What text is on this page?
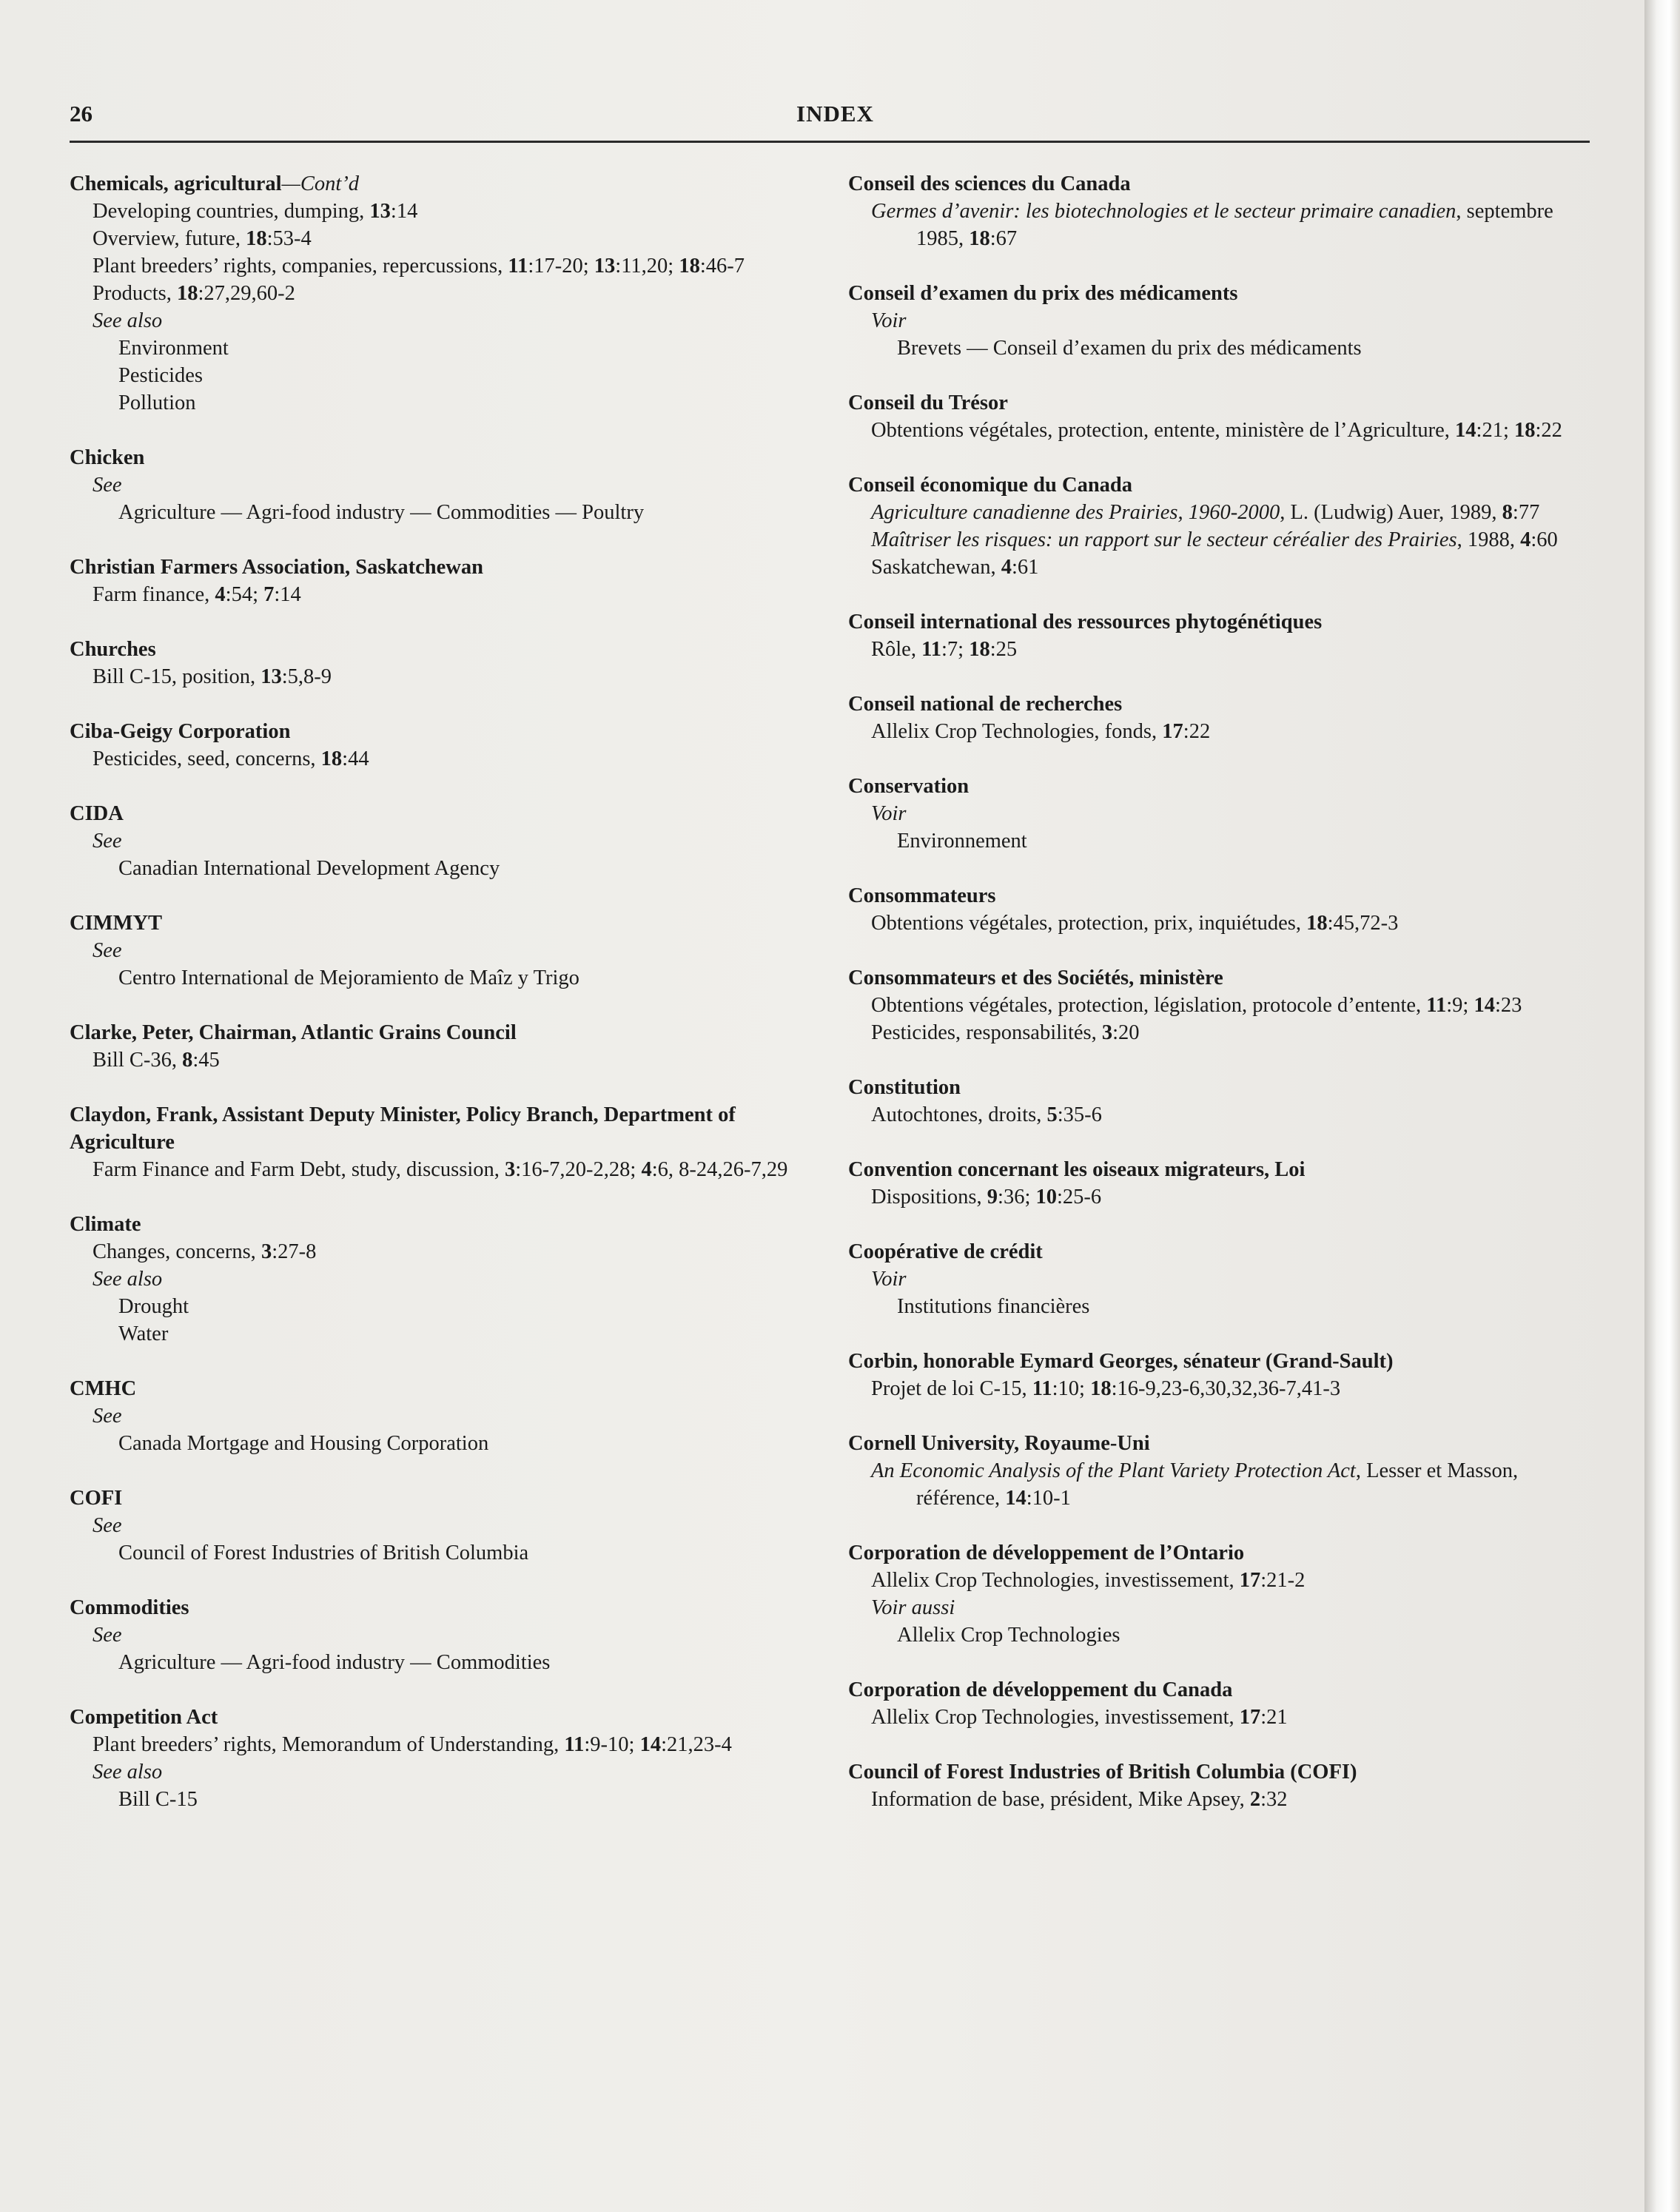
26	INDEX
Chemicals, agricultural—Cont’d
Developing countries, dumping, 13:14
Overview, future, 18:53-4
Plant breeders’ rights, companies, repercussions, 11:17-20; 13:11,20; 18:46-7
Products, 18:27,29,60-2
See also
Environment
Pesticides
Pollution
Chicken
See
Agriculture — Agri-food industry — Commodities — Poultry
Christian Farmers Association, Saskatchewan
Farm finance, 4:54; 7:14
Churches
Bill C-15, position, 13:5,8-9
Ciba-Geigy Corporation
Pesticides, seed, concerns, 18:44
CIDA
See
Canadian International Development Agency
CIMMYT
See
Centro International de Mejoramiento de Maîz y Trigo
Clarke, Peter, Chairman, Atlantic Grains Council
Bill C-36, 8:45
Claydon, Frank, Assistant Deputy Minister, Policy Branch, Department of Agriculture
Farm Finance and Farm Debt, study, discussion, 3:16-7,20-2,28; 4:6, 8-24,26-7,29
Climate
Changes, concerns, 3:27-8
See also
Drought
Water
CMHC
See
Canada Mortgage and Housing Corporation
COFI
See
Council of Forest Industries of British Columbia
Commodities
See
Agriculture — Agri-food industry — Commodities
Competition Act
Plant breeders’ rights, Memorandum of Understanding, 11:9-10; 14:21,23-4
See also
Bill C-15
Conseil des sciences du Canada
Germes d’avenir: les biotechnologies et le secteur primaire canadien, septembre 1985, 18:67
Conseil d’examen du prix des médicaments
Voir
Brevets — Conseil d’examen du prix des médicaments
Conseil du Trésor
Obtentions végétales, protection, entente, ministère de l’Agriculture, 14:21; 18:22
Conseil économique du Canada
Agriculture canadienne des Prairies, 1960-2000, L. (Ludwig) Auer, 1989, 8:77
Maîtriser les risques: un rapport sur le secteur céréalier des Prairies, 1988, 4:60
Saskatchewan, 4:61
Conseil international des ressources phytogénétiques
Rôle, 11:7; 18:25
Conseil national de recherches
Allelix Crop Technologies, fonds, 17:22
Conservation
Voir
Environnement
Consommateurs
Obtentions végétales, protection, prix, inquiétudes, 18:45,72-3
Consommateurs et des Sociétés, ministère
Obtentions végétales, protection, législation, protocole d’entente, 11:9; 14:23
Pesticides, responsabilités, 3:20
Constitution
Autochtones, droits, 5:35-6
Convention concernant les oiseaux migrateurs, Loi
Dispositions, 9:36; 10:25-6
Coopérative de crédit
Voir
Institutions financières
Corbin, honorable Eymard Georges, sénateur (Grand-Sault)
Projet de loi C-15, 11:10; 18:16-9,23-6,30,32,36-7,41-3
Cornell University, Royaume-Uni
An Economic Analysis of the Plant Variety Protection Act, Lesser et Masson, référence, 14:10-1
Corporation de développement de l’Ontario
Allelix Crop Technologies, investissement, 17:21-2
Voir aussi
Allelix Crop Technologies
Corporation de développement du Canada
Allelix Crop Technologies, investissement, 17:21
Council of Forest Industries of British Columbia (COFI)
Information de base, président, Mike Apsey, 2:32
